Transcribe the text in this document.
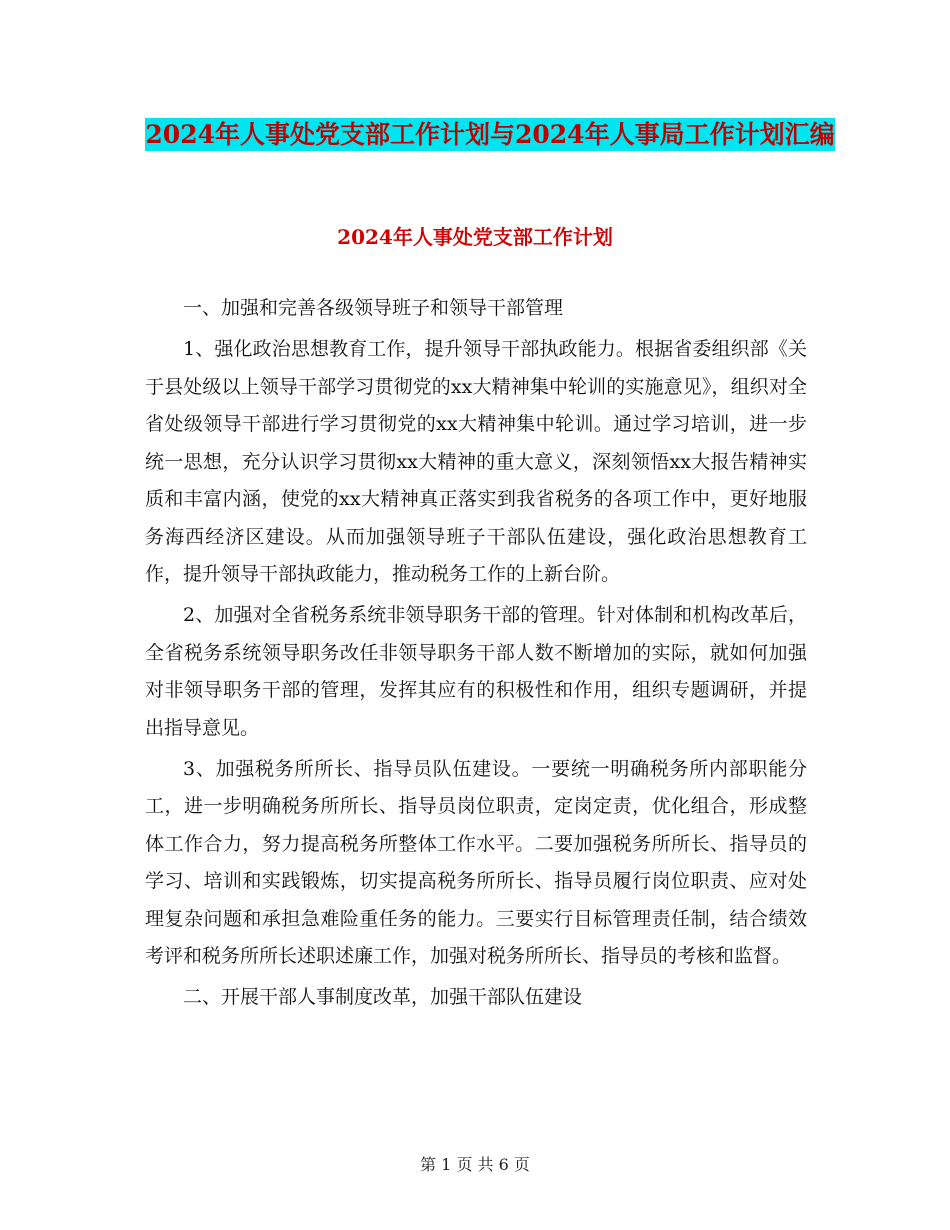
2024年人事处党支部工作计划与2024年人事局工作计划汇编
2024年人事处党支部工作计划

一、加强和完善各级领导班子和领导干部管理

1、强化政治思想教育工作，提升领导干部执政能力。根据省委组织部《关于县处级以上领导干部学习贯彻党的xx大精神集中轮训的实施意见》，组织对全省处级领导干部进行学习贯彻党的xx大精神集中轮训。通过学习培训，进一步统一思想，充分认识学习贯彻xx大精神的重大意义，深刻领悟xx大报告精神实质和丰富内涵，使党的xx大精神真正落实到我省税务的各项工作中，更好地服务海西经济区建设。从而加强领导班子干部队伍建设，强化政治思想教育工作，提升领导干部执政能力，推动税务工作的上新台阶。

2、加强对全省税务系统非领导职务干部的管理。针对体制和机构改革后，全省税务系统领导职务改任非领导职务干部人数不断增加的实际，就如何加强对非领导职务干部的管理，发挥其应有的积极性和作用，组织专题调研，并提出指导意见。

3、加强税务所所长、指导员队伍建设。一要统一明确税务所内部职能分工，进一步明确税务所所长、指导员岗位职责，定岗定责，优化组合，形成整体工作合力，努力提高税务所整体工作水平。二要加强税务所所长、指导员的学习、培训和实践锻炼，切实提高税务所所长、指导员履行岗位职责、应对处理复杂问题和承担急难险重任务的能力。三要实行目标管理责任制，结合绩效考评和税务所所长述职述廉工作，加强对税务所所长、指导员的考核和监督。

二、开展干部人事制度改革，加强干部队伍建设

第 1 页 共 6 页
